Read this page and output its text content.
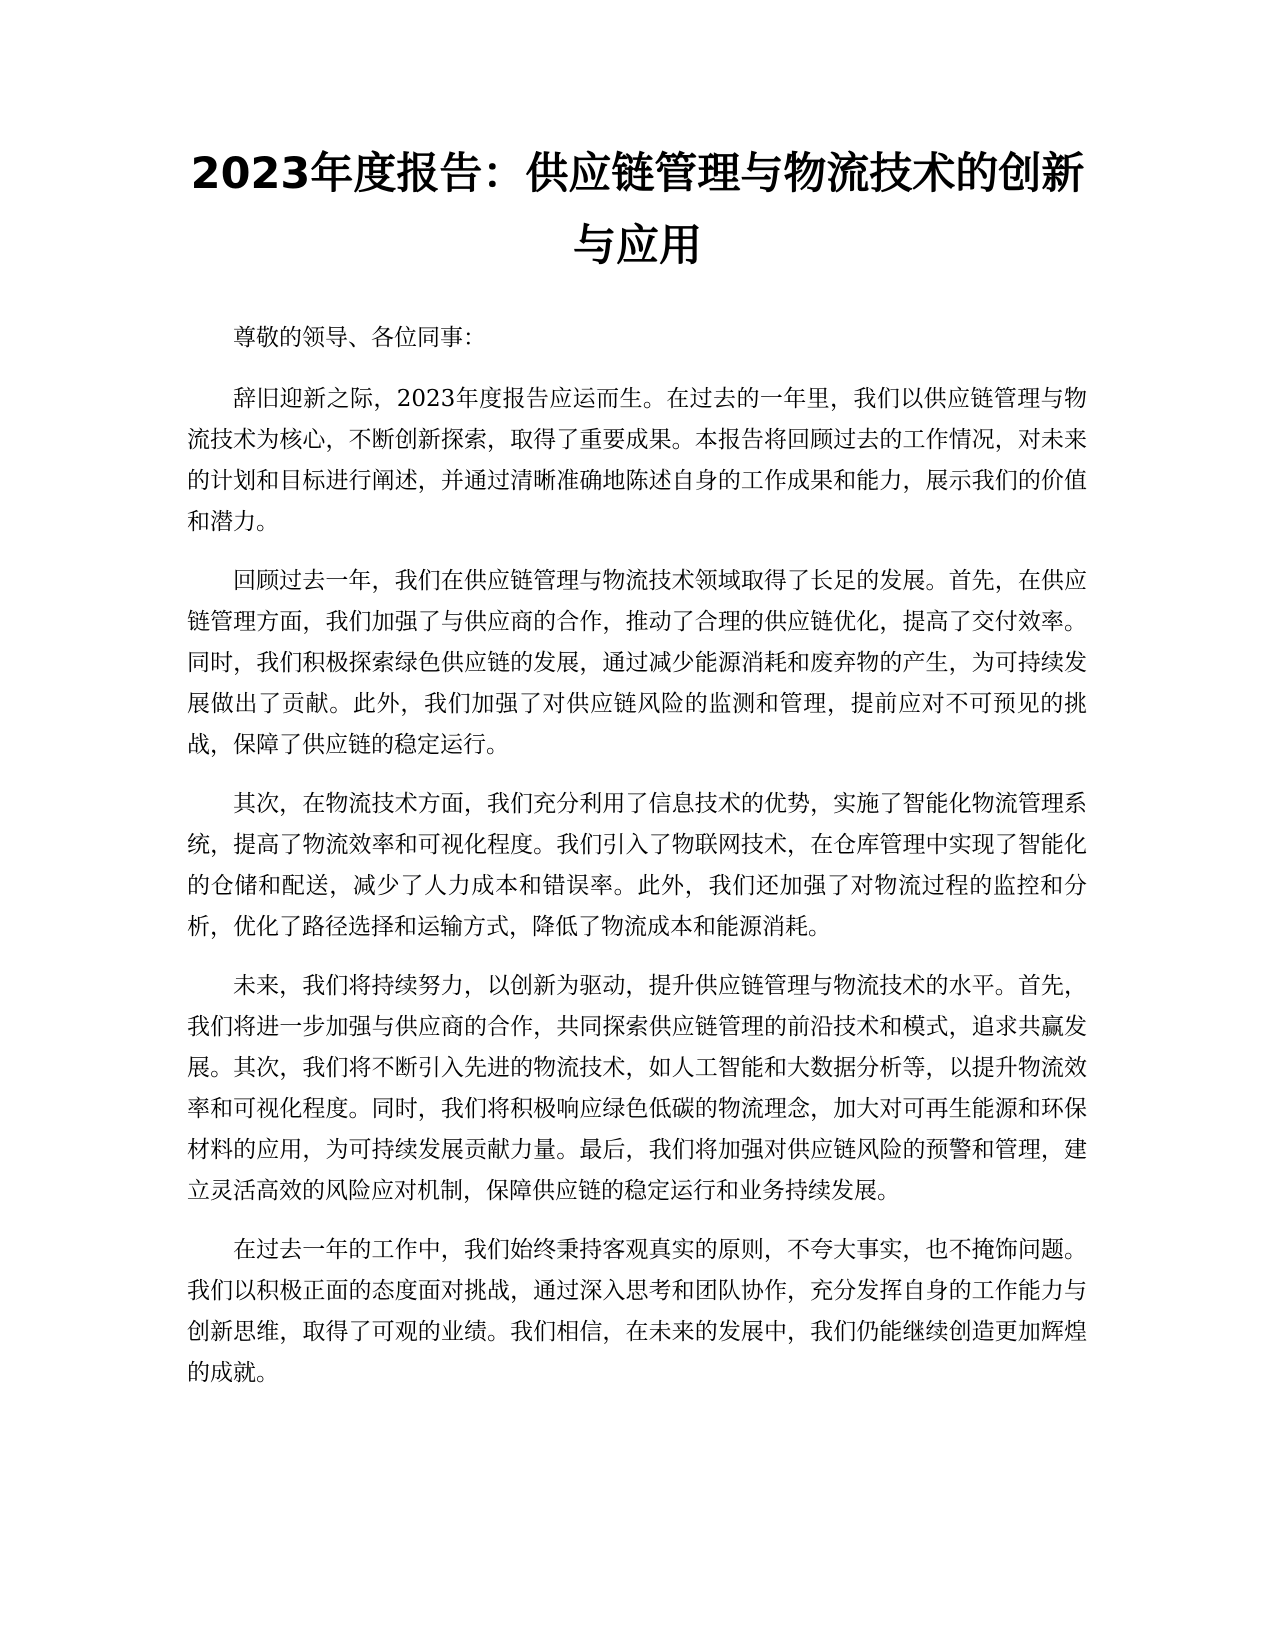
2023年度报告：供应链管理与物流技术的创新与应用

尊敬的领导、各位同事：

辞旧迎新之际，2023年度报告应运而生。在过去的一年里，我们以供应链管理与物流技术为核心，不断创新探索，取得了重要成果。本报告将回顾过去的工作情况，对未来的计划和目标进行阐述，并通过清晰准确地陈述自身的工作成果和能力，展示我们的价值和潜力。

回顾过去一年，我们在供应链管理与物流技术领域取得了长足的发展。首先，在供应链管理方面，我们加强了与供应商的合作，推动了合理的供应链优化，提高了交付效率。同时，我们积极探索绿色供应链的发展，通过减少能源消耗和废弃物的产生，为可持续发展做出了贡献。此外，我们加强了对供应链风险的监测和管理，提前应对不可预见的挑战，保障了供应链的稳定运行。

其次，在物流技术方面，我们充分利用了信息技术的优势，实施了智能化物流管理系统，提高了物流效率和可视化程度。我们引入了物联网技术，在仓库管理中实现了智能化的仓储和配送，减少了人力成本和错误率。此外，我们还加强了对物流过程的监控和分析，优化了路径选择和运输方式，降低了物流成本和能源消耗。

未来，我们将持续努力，以创新为驱动，提升供应链管理与物流技术的水平。首先，我们将进一步加强与供应商的合作，共同探索供应链管理的前沿技术和模式，追求共赢发展。其次，我们将不断引入先进的物流技术，如人工智能和大数据分析等，以提升物流效率和可视化程度。同时，我们将积极响应绿色低碳的物流理念，加大对可再生能源和环保材料的应用，为可持续发展贡献力量。最后，我们将加强对供应链风险的预警和管理，建立灵活高效的风险应对机制，保障供应链的稳定运行和业务持续发展。

在过去一年的工作中，我们始终秉持客观真实的原则，不夸大事实，也不掩饰问题。我们以积极正面的态度面对挑战，通过深入思考和团队协作，充分发挥自身的工作能力与创新思维，取得了可观的业绩。我们相信，在未来的发展中，我们仍能继续创造更加辉煌的成就。
